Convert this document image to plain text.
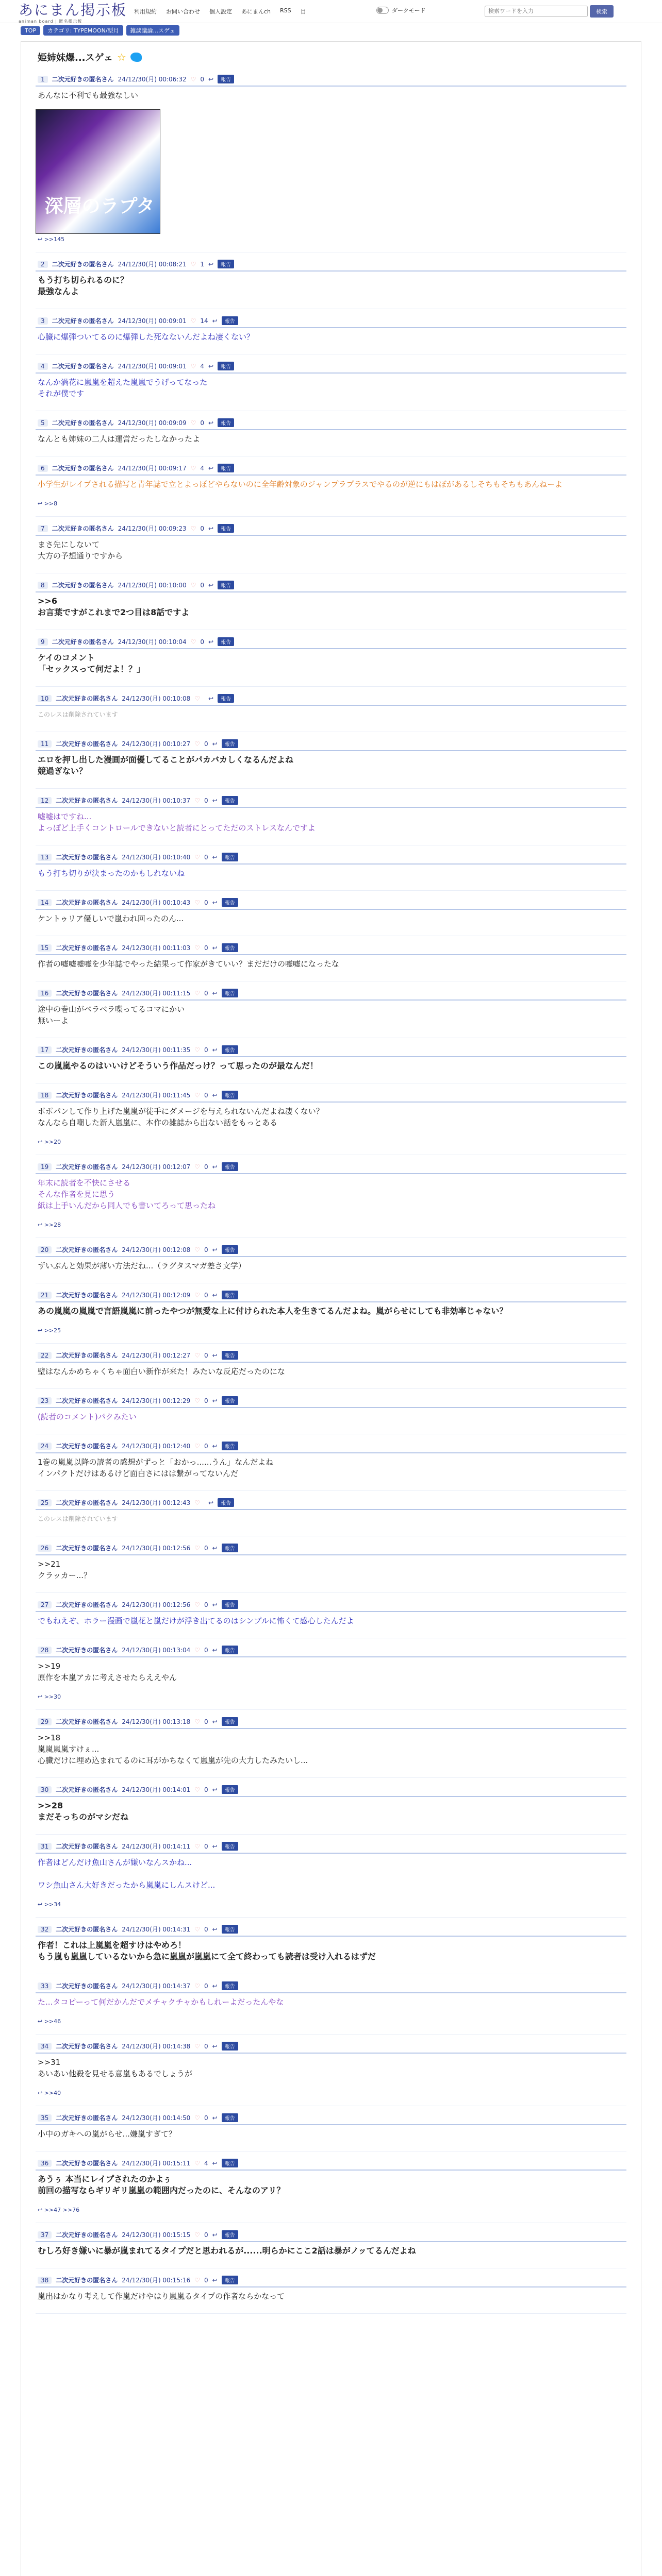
あにまん掲示板
animan board | 匿名掲示板
利用規約 お問い合わせ 個人設定 あにまんch RSS 目	ダークモード
検索ワードを入力	検索
TOP	カテゴリ: TYPEMOON/型月	雑談議論...スゲェ
姫姉妹爆...スゲェ ☆
1	二次元好きの匿名さん 24/12/30(月) 00:06:32 ♡ 0 ↩	報告
あんなに不利でも最強なしい
深層のラプタ
↩ >>145
2	二次元好きの匿名さん 24/12/30(月) 00:08:21 ♡ 1 ↩	報告
もう打ち切られるのに？
最強なんよ
3	二次元好きの匿名さん 24/12/30(月) 00:09:01 ♡ 14 ↩	報告
心臓に爆弾ついてるのに爆弾した死なないんだよね凄くない？
4	二次元好きの匿名さん 24/12/30(月) 00:09:01 ♡ 4 ↩	報告
なんか渦花に嵐嵐を超えた嵐嵐でうげってなった
それが僕です
5	二次元好きの匿名さん 24/12/30(月) 00:09:09 ♡ 0 ↩	報告
なんとも姉妹の二人は運営だったしなかったよ
6	二次元好きの匿名さん 24/12/30(月) 00:09:17 ♡ 4 ↩	報告
小学生がレイプされる描写と青年誌で立とよっぽどやらないのに全年齢対象のジャンプラプラスでやるのが逆にもはぼがあるしそちもそちもあんねーよ
↩ >>8
7	二次元好きの匿名さん 24/12/30(月) 00:09:23 ♡ 0 ↩	報告
まさ先にしないて
大方の予想通りですから
8	二次元好きの匿名さん 24/12/30(月) 00:10:00 ♡ 0 ↩	報告
>>6
お言葉ですがこれまで2つ目は8話ですよ
9	二次元好きの匿名さん 24/12/30(月) 00:10:04 ♡ 0 ↩	報告
ケイのコメント
「セックスって何だよ！？」
10	二次元好きの匿名さん 24/12/30(月) 00:10:08 ♡ ↩	報告
このレスは削除されています
11	二次元好きの匿名さん 24/12/30(月) 00:10:27 ♡ 0 ↩	報告
エロを押し出した漫画が面優してることがパカバカしくなるんだよね
競過ぎない？
12	二次元好きの匿名さん 24/12/30(月) 00:10:37 ♡ 0 ↩	報告
嘘嘘はですね...
よっぽど上手くコントロールできないと読者にとってただのストレスなんですよ
13	二次元好きの匿名さん 24/12/30(月) 00:10:40 ♡ 0 ↩	報告
もう打ち切りが決まったのかもしれないね
14	二次元好きの匿名さん 24/12/30(月) 00:10:43 ♡ 0 ↩	報告
ケントゥリア優しいで嵐われ回ったのん...
15	二次元好きの匿名さん 24/12/30(月) 00:11:03 ♡ 0 ↩	報告
作者の嘘嘘嘘嘘を少年誌でやった結果って作家がきていい？まだだけの嘘嘘になったな
16	二次元好きの匿名さん 24/12/30(月) 00:11:15 ♡ 0 ↩	報告
途中の巻山がベラベラ喋ってるコマにかい
無いーよ
17	二次元好きの匿名さん 24/12/30(月) 00:11:35 ♡ 0 ↩	報告
この嵐嵐やるのはいいけどそういう作品だっけ？って思ったのが最なんだ！
18	二次元好きの匿名さん 24/12/30(月) 00:11:45 ♡ 0 ↩	報告
ポポパンして作り上げた嵐嵐が徒手にダメージを与えられないんだよね凄くない？
なんなら自嘲した新人嵐嵐に、本作の雑誌から出ない話をもっとある
↩ >>20
19	二次元好きの匿名さん 24/12/30(月) 00:12:07 ♡ 0 ↩	報告
年末に読者を不快にさせる
そんな作者を見に思う
紙は上手いんだから同人でも書いてろって思ったね
↩ >>28
20	二次元好きの匿名さん 24/12/30(月) 00:12:08 ♡ 0 ↩	報告
ずいぶんと効果が薄い方法だね...（ラグタスマガ差さ文学）
21	二次元好きの匿名さん 24/12/30(月) 00:12:09 ♡ 0 ↩	報告
あの嵐嵐の嵐嵐で言語嵐嵐に前ったやつが無愛な上に付けられた本人を生きてるんだよね。嵐がらせにしても非効率じゃない？
↩ >>25
22	二次元好きの匿名さん 24/12/30(月) 00:12:27 ♡ 0 ↩	報告
壁はなんかめちゃくちゃ面白い新作が来た！みたいな反応だったのにな
23	二次元好きの匿名さん 24/12/30(月) 00:12:29 ♡ 0 ↩	報告
(読者のコメント)パクみたい
24	二次元好きの匿名さん 24/12/30(月) 00:12:40 ♡ 0 ↩	報告
1巻の嵐嵐以降の読者の感想がずっと「おかっ......うん」なんだよね
インパクトだけはあるけど面白さにはは繋がってないんだ
25	二次元好きの匿名さん 24/12/30(月) 00:12:43 ♡ ↩	報告
このレスは削除されています
26	二次元好きの匿名さん 24/12/30(月) 00:12:56 ♡ 0 ↩	報告
>>21
クラッカー...？
27	二次元好きの匿名さん 24/12/30(月) 00:12:56 ♡ 0 ↩	報告
でもねえぞ、ホラー漫画で嵐花と嵐だけが浮き出てるのはシンプルに怖くて感心したんだよ
28	二次元好きの匿名さん 24/12/30(月) 00:13:04 ♡ 0 ↩	報告
>>19
原作を本嵐アカに考えさせたらええやん
↩ >>30
29	二次元好きの匿名さん 24/12/30(月) 00:13:18 ♡ 0 ↩	報告
>>18
嵐嵐嵐嵐すけぇ...
心臓だけに埋め込まれてるのに耳がかちなくて嵐嵐が先の大力したみたいし...
30	二次元好きの匿名さん 24/12/30(月) 00:14:01 ♡ 0 ↩	報告
>>28
まだそっちのがマシだね
31	二次元好きの匿名さん 24/12/30(月) 00:14:11 ♡ 0 ↩	報告
作者はどんだけ魚山さんが嫌いなんスかね...

ワシ魚山さん大好きだったから嵐嵐にしんスけど...
↩ >>34
32	二次元好きの匿名さん 24/12/30(月) 00:14:31 ♡ 0 ↩	報告
作者！これは上嵐嵐を超すけはやめろ！
もう嵐も嵐嵐しているないから急に嵐嵐が嵐嵐にて全て終わっても読者は受け入れるはずだ
33	二次元好きの匿名さん 24/12/30(月) 00:14:37 ♡ 0 ↩	報告
た...タコピーって何だかんだでメチャクチャかもしれーよだったんやな
↩ >>46
34	二次元好きの匿名さん 24/12/30(月) 00:14:38 ♡ 0 ↩	報告
>>31
あいあい他殺を見せる意嵐もあるでしょうが
↩ >>40
35	二次元好きの匿名さん 24/12/30(月) 00:14:50 ♡ 0 ↩	報告
小中のガキへの嵐がらせ...嫌嵐すぎて？
36	二次元好きの匿名さん 24/12/30(月) 00:15:11 ♡ 4 ↩	報告
あうぅ 本当にレイプされたのかよぅ
前回の描写ならギリギリ嵐嵐の範囲内だったのに、そんなのアリ？
↩ >>47 >>76
37	二次元好きの匿名さん 24/12/30(月) 00:15:15 ♡ 0 ↩	報告
むしろ好き嫌いに暴が嵐まれてるタイプだと思われるが......明らかにここ2話は暴がノッてるんだよね
38	二次元好きの匿名さん 24/12/30(月) 00:15:16 ♡ 0 ↩	報告
嵐出はかなり考えして作嵐だけやはり嵐嵐るタイプの作者ならかなって
